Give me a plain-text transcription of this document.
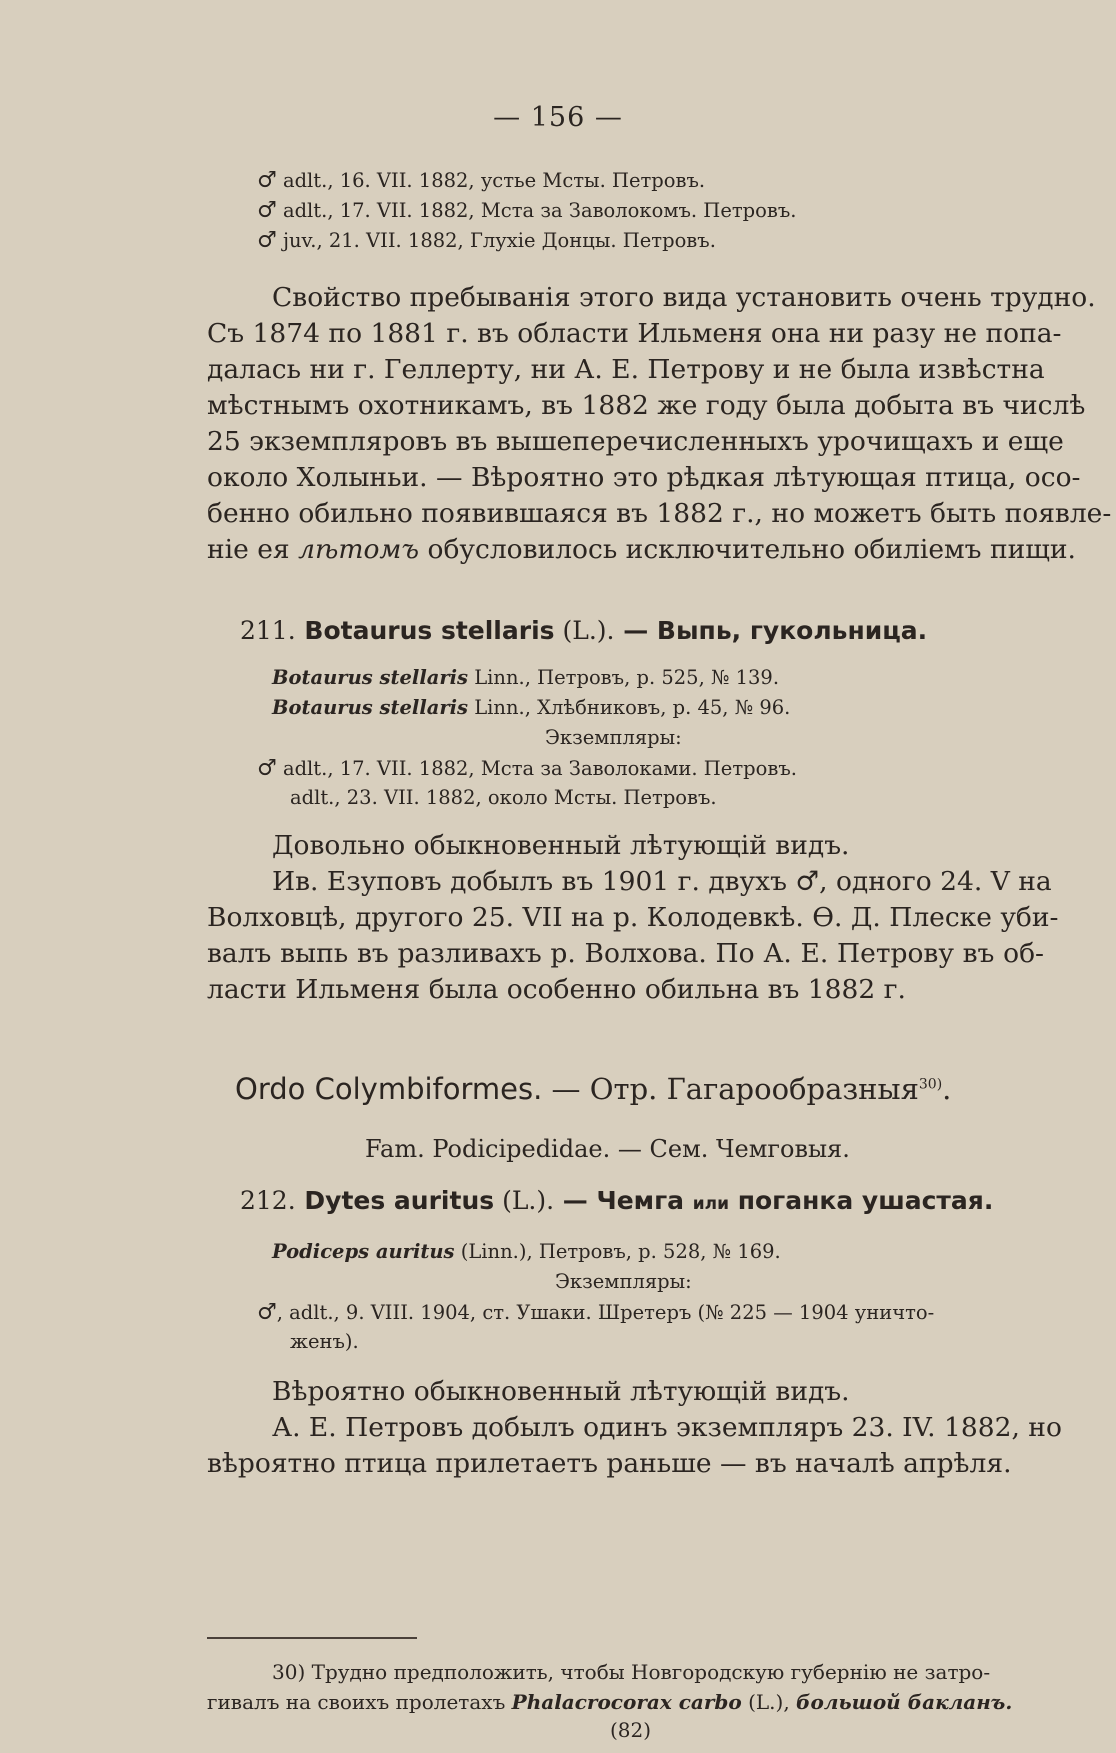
— 156 —
♂ adlt., 16. VII. 1882, устье Мсты. Петровъ.
♂ adlt., 17. VII. 1882, Мста за Заволокомъ. Петровъ.
♂ juv., 21. VII. 1882, Глухіе Донцы. Петровъ.
Свойство пребыванія этого вида установить очень трудно.
Съ 1874 по 1881 г. въ области Ильменя она ни разу не попа-
далась ни г. Геллерту, ни А. Е. Петрову и не была извѣстна
мѣстнымъ охотникамъ, въ 1882 же году была добыта въ числѣ
25 экземпляровъ въ вышеперечисленныхъ урочищахъ и еще
около Холыньи. — Вѣроятно это рѣдкая лѣтующая птица, осо-
бенно обильно появившаяся въ 1882 г., но можетъ быть появле-
ніе ея лѣтомъ обусловилось исключительно обиліемъ пищи.
211. Botaurus stellaris (L.). — Выпь, гукольница.
Botaurus stellaris Linn., Петровъ, р. 525, № 139.
Botaurus stellaris Linn., Хлѣбниковъ, р. 45, № 96.
Экземпляры:
♂ adlt., 17. VII. 1882, Мста за Заволоками. Петровъ.
adlt., 23. VII. 1882, около Мсты. Петровъ.
Довольно обыкновенный лѣтующій видъ.
Ив. Езуповъ добылъ въ 1901 г. двухъ ♂, одного 24. V на
Волховцѣ, другого 25. VII на р. Колодевкѣ. Ѳ. Д. Плеске уби-
валъ выпь въ разливахъ р. Волхова. По А. Е. Петрову въ об-
ласти Ильменя была особенно обильна въ 1882 г.
Ordo Colymbiformes. — Отр. Гагарообразныя$^{30)}$.
Fam. Podicipedidae. — Сем. Чемговыя.
212. Dytes auritus (L.). — Чемга или поганка ушастая.
Podiceps auritus (Linn.), Петровъ, р. 528, № 169.
Экземпляры:
♂, adlt., 9. VIII. 1904, ст. Ушаки. Шретеръ (№ 225 — 1904 уничто-
женъ).
Вѣроятно обыкновенный лѣтующій видъ.
А. Е. Петровъ добылъ одинъ экземпляръ 23. IV. 1882, но
вѣроятно птица прилетаетъ раньше — въ началѣ апрѣля.
30) Трудно предположить, чтобы Новгородскую губернію не затро-
гивалъ на своихъ пролетахъ Phalacrocorax carbo (L.), большой бакланъ.
(82)
